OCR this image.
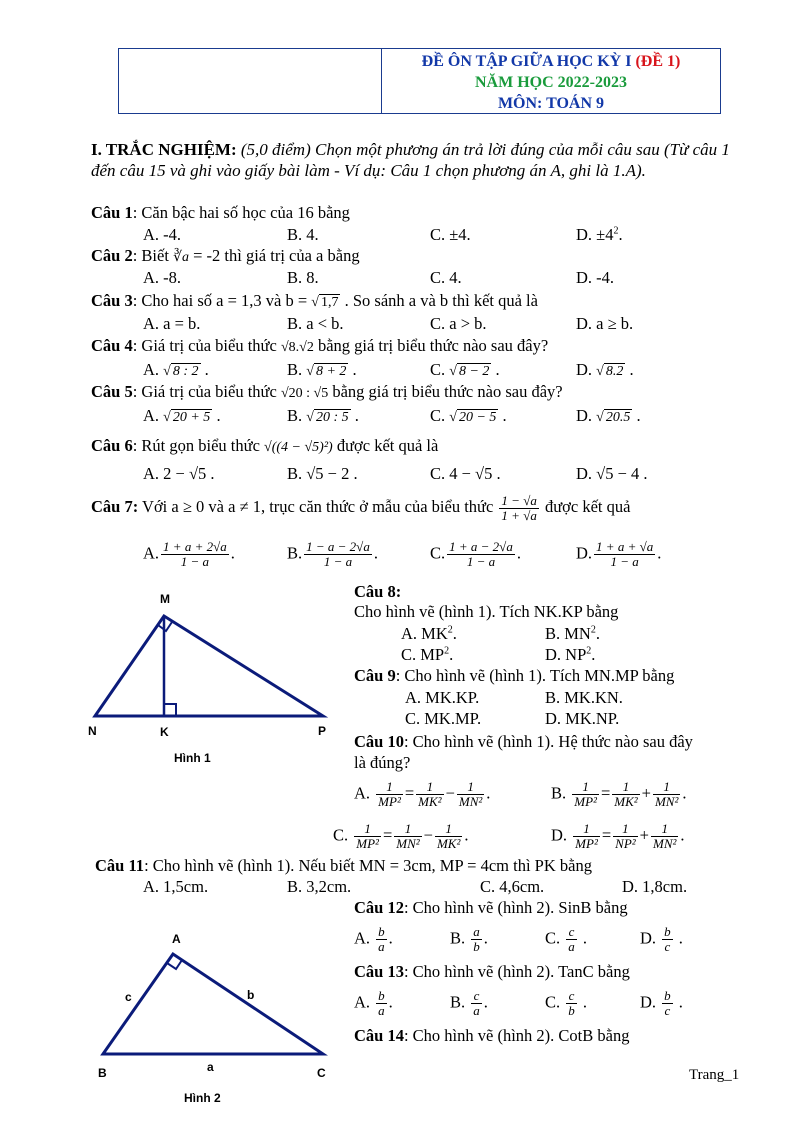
ĐỀ ÔN TẬP GIỮA HỌC KỲ I (ĐỀ 1)
NĂM HỌC 2022-2023
MÔN: TOÁN 9
I. TRẮC NGHIỆM: (5,0 điểm) Chọn một phương án trả lời đúng của mỗi câu sau (Từ câu 1 đến câu 15 và ghi vào giấy bài làm - Ví dụ: Câu 1 chọn phương án A, ghi là 1.A).
Câu 1: Căn bậc hai số học của 16 bằng
A. -4.	B. 4.	C. ±4.	D. $\pm 4^2$.
Câu 2: Biết ∛a = -2 thì giá trị của a bằng
A. -8.	B. 8.	C. 4.	D. -4.
Câu 3: Cho hai số a = 1,3 và b = √ 1,7 . So sánh a và b thì kết quả là
A. a = b.	B. a < b.	C. a > b.	D. a ≥ b.
Câu 4: Giá trị của biểu thức √8.√2 bằng giá trị biểu thức nào sau đây?
A. √ 8 : 2 .	B. √ 8 + 2 .	C. √ 8 − 2 .	D. √ 8.2 .
Câu 5: Giá trị của biểu thức √20 : √5 bằng giá trị biểu thức nào sau đây?
A. √ 20 + 5 .	B. √ 20 : 5 .	C. √ 20 − 5 .	D. √ 20.5 .
Câu 6: Rút gọn biểu thức √((4 − √5)²) được kết quả là
A. 2 − √5 .	B. √5 − 2 .	C. 4 − √5 .	D. √5 − 4 .
Câu 7: Với a ≥ 0 và a ≠ 1, trục căn thức ở mẫu của biểu thức $\frac{1 - √a}{1 + √a}$ được kết quả
A. $\frac{1 + a + 2√a}{1 - a}$ .	B. $\frac{1 - a - 2√a}{1 - a}$ .	C. $\frac{1 + a - 2√a}{1 - a}$ .	D. $\frac{1 + a + √a}{1 - a}$ .
M
N	K	P
Hình 1
Câu 8:
Cho hình vẽ (hình 1). Tích NK.KP bằng
A. $MK^2$.	B. $MN^2$.
C. $MP^2$.	D. $NP^2$.
Câu 9: Cho hình vẽ (hình 1). Tích MN.MP bằng
A. MK.KP.	B. MK.KN.
C. MK.MP.	D. MK.NP.
Câu 10: Cho hình vẽ (hình 1). Hệ thức nào sau đây
là đúng?
A. $\frac{1}{\text{MP²}} = \frac{1}{\text{MK²}} - \frac{1}{\text{MN²}}$ .	B. $\frac{1}{\text{MP²}} = \frac{1}{\text{MK²}} + \frac{1}{\text{MN²}}$ .
C. $\frac{1}{\text{MP²}} = \frac{1}{\text{MN²}} - \frac{1}{\text{MK²}}$ .	D. $\frac{1}{\text{MP²}} = \frac{1}{\text{NP²}} + \frac{1}{\text{MN²}}$ .
Câu 11: Cho hình vẽ (hình 1). Nếu biết MN = 3cm, MP = 4cm thì PK bằng
A. 1,5cm.	B. 3,2cm.	C. 4,6cm.	D. 1,8cm.
A
c	b
a
B	C
Hình 2
Câu 12: Cho hình vẽ (hình 2). SinB bằng
A. $\frac{b}{a}$ .	B. $\frac{a}{b}$ .	C. $\frac{c}{a}$ .	D. $\frac{b}{c}$ .
Câu 13: Cho hình vẽ (hình 2). TanC bằng
A. $\frac{b}{a}$ .	B. $\frac{c}{a}$ .	C. $\frac{c}{b}$ .	D. $\frac{b}{c}$ .
Câu 14: Cho hình vẽ (hình 2). CotB bằng
Trang_1
